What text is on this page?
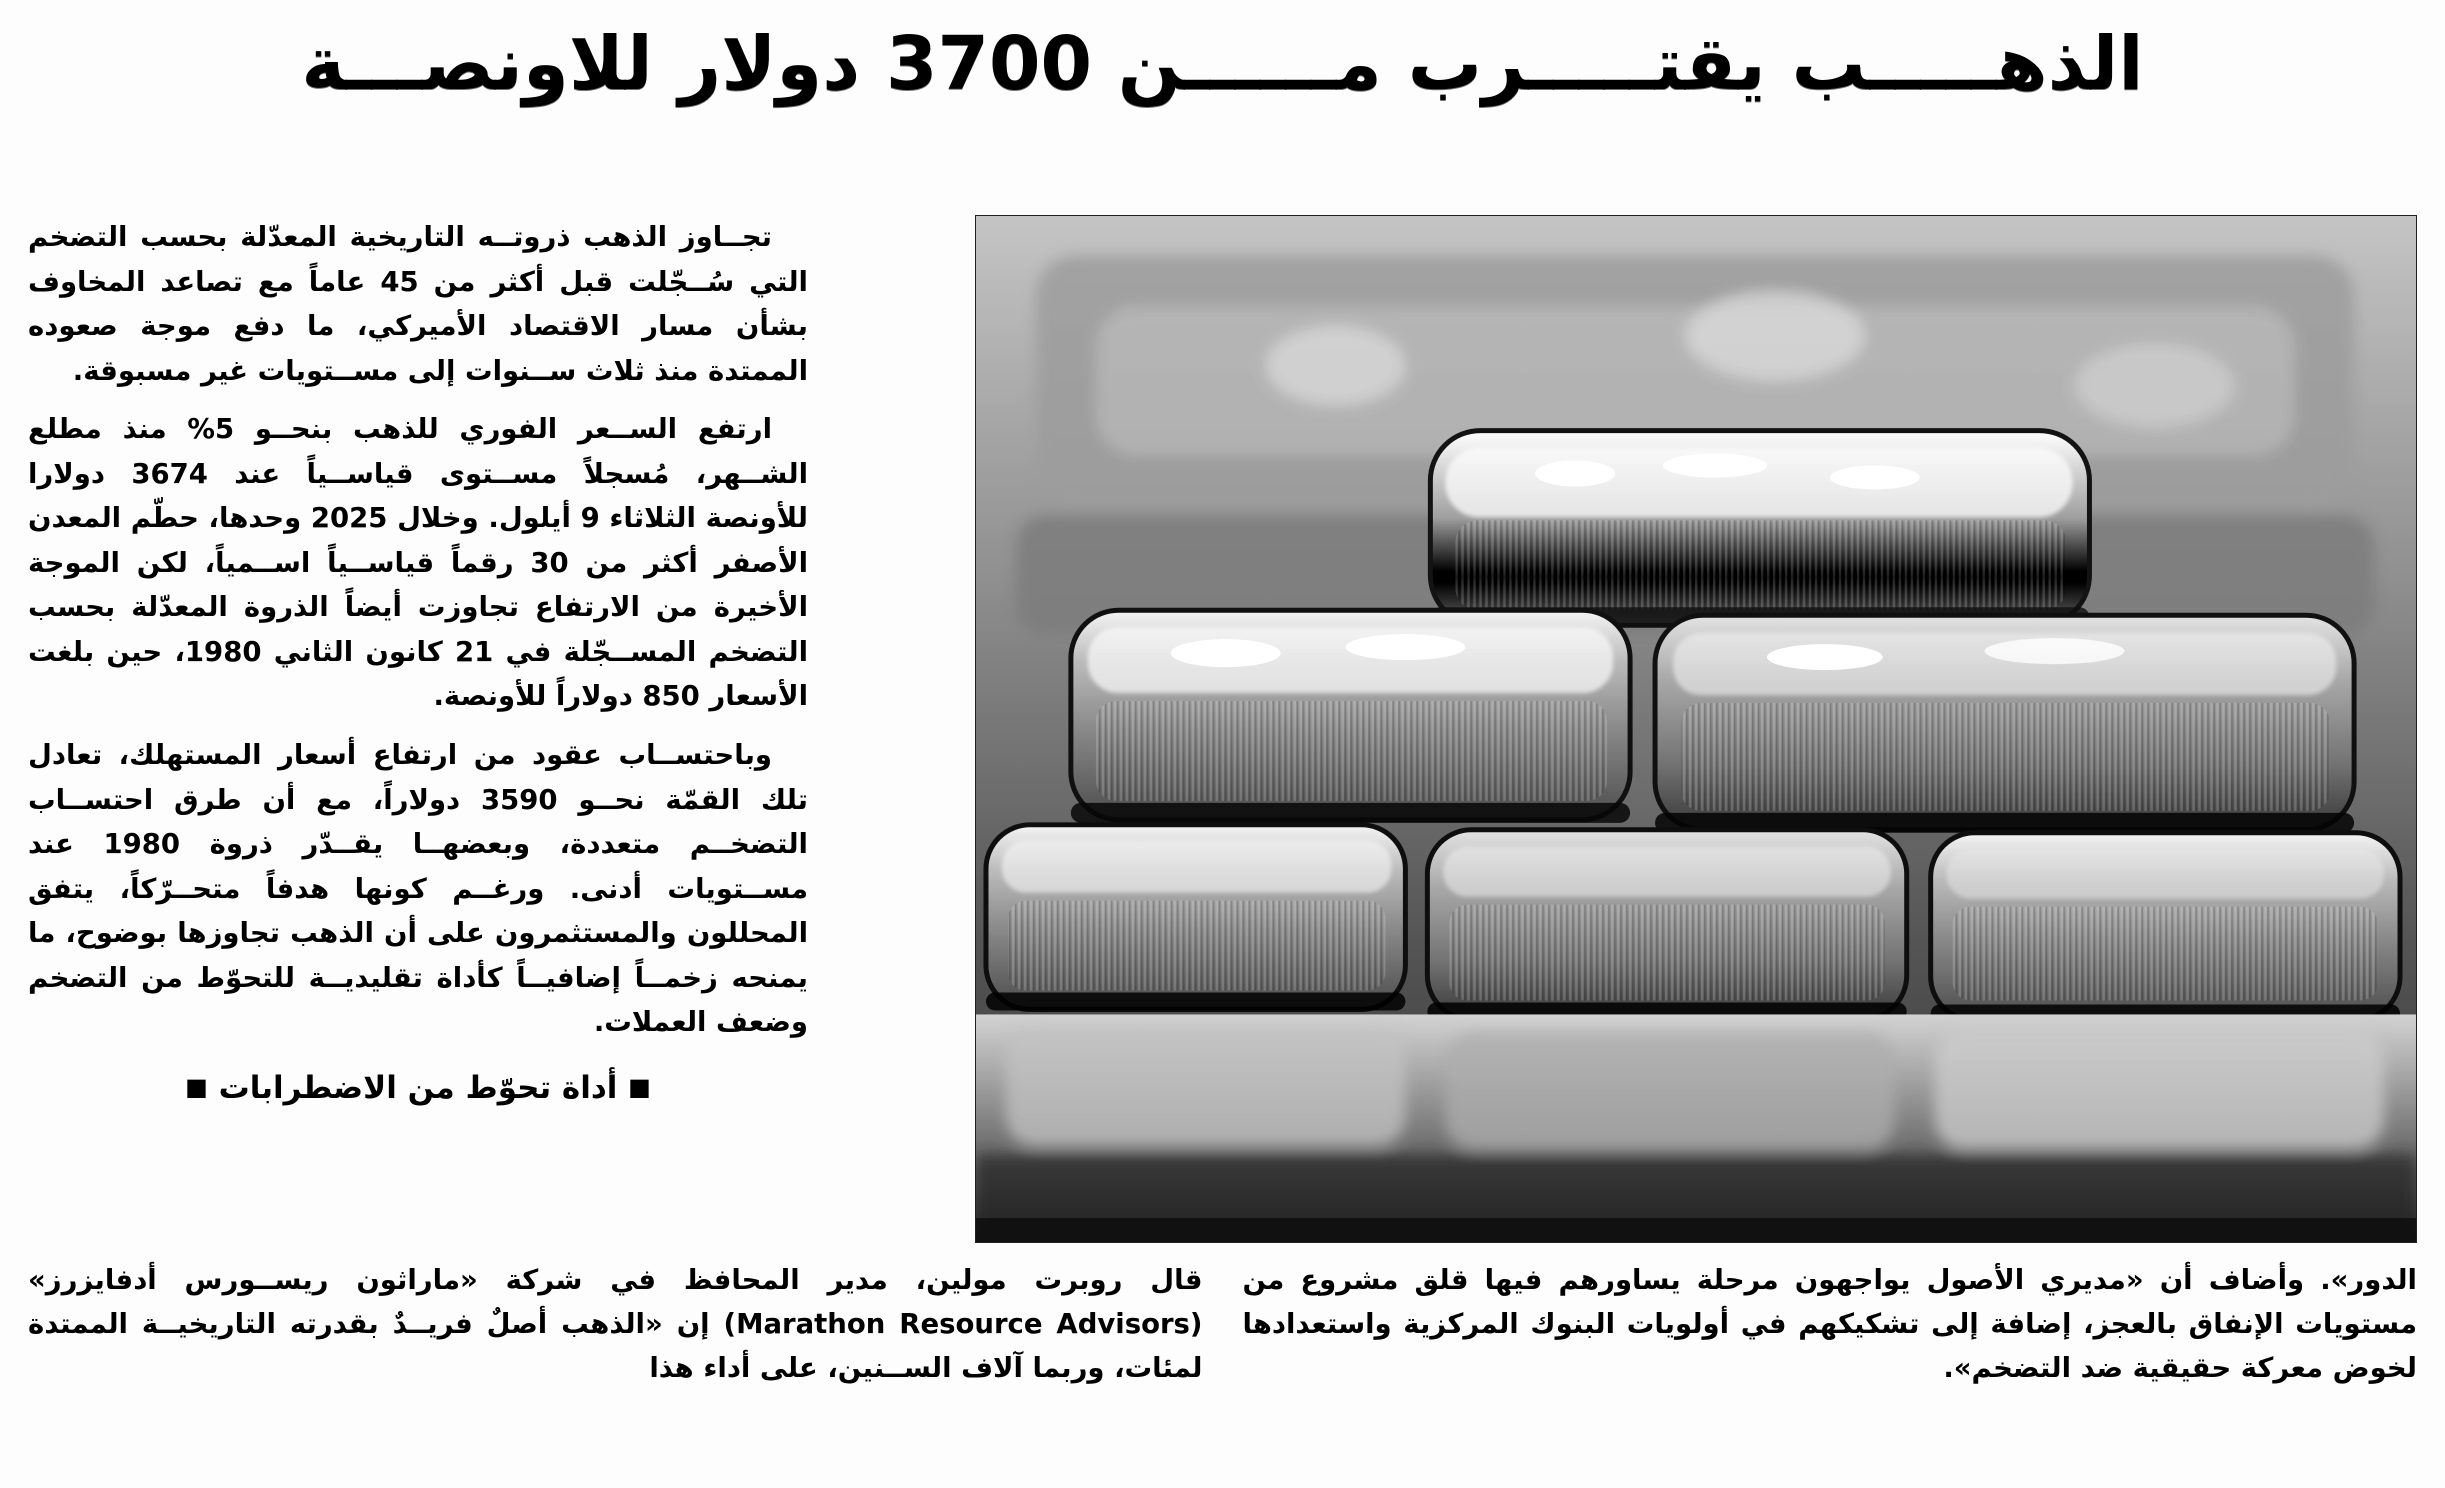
الذهـــــب يقتـــــرب مــــــن 3700 دولار للاونصـــة

تجــاوز الذهب ذروتــه التاريخية المعدّلة بحسب التضخم التي سُــجّلت قبل أكثر من 45 عاماً مع تصاعد المخاوف بشأن مسار الاقتصاد الأميركي، ما دفع موجة صعوده الممتدة منذ ثلاث ســنوات إلى مســتويات غير مسبوقة.

ارتفع الســعر الفوري للذهب بنحــو 5% منذ مطلع الشــهر، مُسجلاً مســتوى قياســياً عند 3674 دولارا للأونصة الثلاثاء 9 أيلول. وخلال 2025 وحدها، حطّم المعدن الأصفر أكثر من 30 رقماً قياســياً اســمياً، لكن الموجة الأخيرة من الارتفاع تجاوزت أيضاً الذروة المعدّلة بحسب التضخم المســجّلة في 21 كانون الثاني 1980، حين بلغت الأسعار 850 دولاراً للأونصة.

وباحتســاب عقود من ارتفاع أسعار المستهلك، تعادل تلك القمّة نحــو 3590 دولاراً، مع أن طرق احتســاب التضخــم متعددة، وبعضهــا يقــدّر ذروة 1980 عند مســتويات أدنى. ورغــم كونها هدفاً متحــرّكاً، يتفق المحللون والمستثمرون على أن الذهب تجاوزها بوضوح، ما يمنحه زخمــاً إضافيــاً كأداة تقليديــة للتحوّط من التضخم وضعف العملات.

■ أداة تحوّط من الاضطرابات ■

قال روبرت مولين، مدير المحافظ في شركة «ماراثون ريســورس أدفايزرز» (Marathon Resource Advisors) إن «الذهب أصلٌ فريــدٌ بقدرته التاريخيــة الممتدة لمئات، وربما آلاف الســنين، على أداء هذا

الدور». وأضاف أن «مديري الأصول يواجهون مرحلة يساورهم فيها قلق مشروع من مستويات الإنفاق بالعجز، إضافة إلى تشكيكهم في أولويات البنوك المركزية واستعدادها لخوض معركة حقيقية ضد التضخم».
